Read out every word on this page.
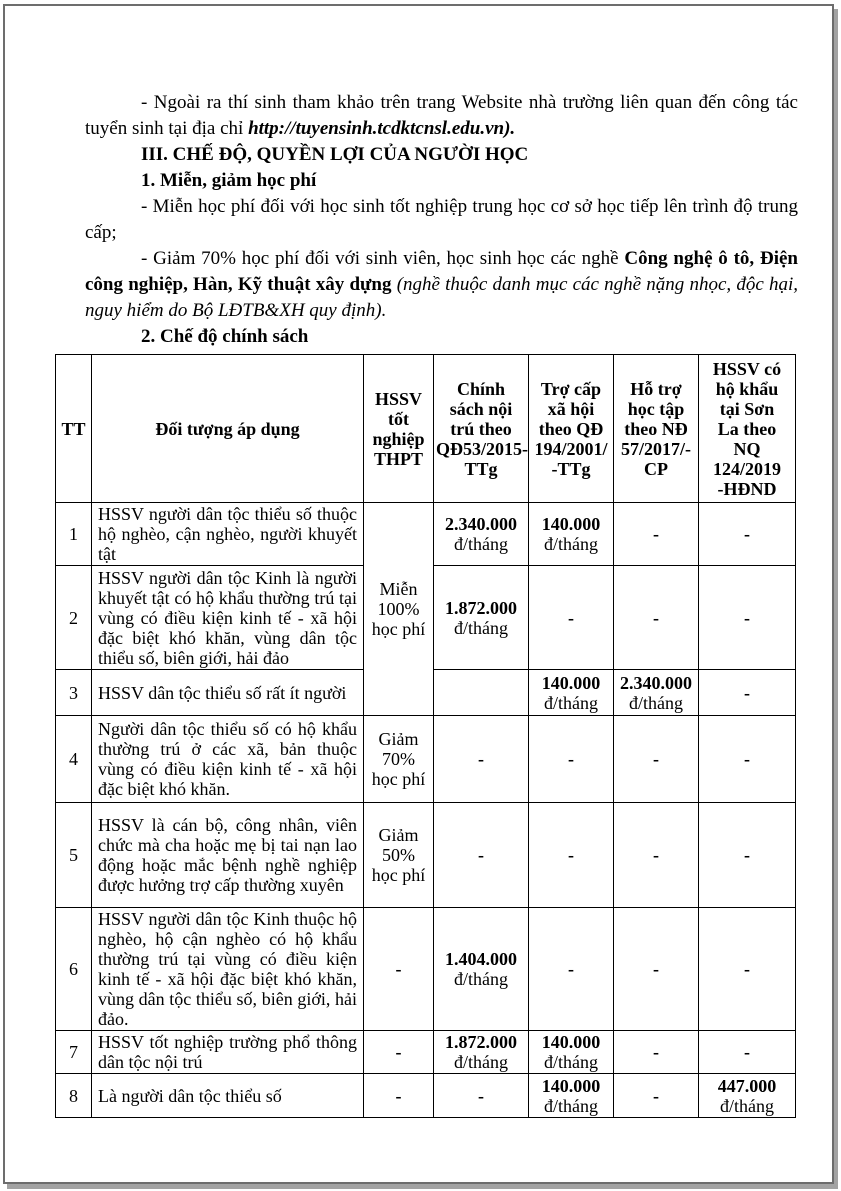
- Ngoài ra thí sinh tham khảo trên trang Website nhà trường liên quan đến công tác tuyển sinh tại địa chỉ http://tuyensinh.tcdktcnsl.edu.vn).

III. CHẾ ĐỘ, QUYỀN LỢI CỦA NGƯỜI HỌC

1. Miễn, giảm học phí

- Miễn học phí đối với học sinh tốt nghiệp trung học cơ sở học tiếp lên trình độ trung cấp;

- Giảm 70% học phí đối với sinh viên, học sinh học các nghề Công nghệ ô tô, Điện công nghiệp, Hàn, Kỹ thuật xây dựng (nghề thuộc danh mục các nghề nặng nhọc, độc hại, nguy hiểm do Bộ LĐTB&XH quy định).

2. Chế độ chính sách

TT	Đối tượng áp dụng	HSSV
tốt
nghiệp
THPT	Chính
sách nội
trú theo
QĐ53/2015-
TTg	Trợ cấp
xã hội
theo QĐ
194/2001/
-TTg	Hỗ trợ
học tập
theo NĐ
57/2017/-
CP	HSSV có
hộ khẩu
tại Sơn
La theo
NQ
124/2019
-HĐND
1	HSSV người dân tộc thiểu số thuộc hộ nghèo, cận nghèo, người khuyết tật	Miễn
100%
học phí	2.340.000
đ/tháng	140.000
đ/tháng	-	-

2	HSSV người dân tộc Kinh là người khuyết tật có hộ khẩu thường trú tại vùng có điều kiện kinh tế - xã hội đặc biệt khó khăn, vùng dân tộc thiểu số, biên giới, hải đảo		1.872.000
đ/tháng	-	-	-

3	HSSV dân tộc thiểu số rất ít người			140.000
đ/tháng	2.340.000
đ/tháng	-

4	Người dân tộc thiểu số có hộ khẩu thường trú ở các xã, bản thuộc vùng có điều kiện kinh tế - xã hội đặc biệt khó khăn.	Giảm
70%
học phí	-	-	-	-

5	HSSV là cán bộ, công nhân, viên chức mà cha hoặc mẹ bị tai nạn lao động hoặc mắc bệnh nghề nghiệp được hưởng trợ cấp thường xuyên	Giảm
50%
học phí	-	-	-	-

6	HSSV người dân tộc Kinh thuộc hộ nghèo, hộ cận nghèo có hộ khẩu thường trú tại vùng có điều kiện kinh tế - xã hội đặc biệt khó khăn, vùng dân tộc thiểu số, biên giới, hải đảo.	-	1.404.000
đ/tháng	-	-	-

7	HSSV tốt nghiệp trường phổ thông dân tộc nội trú	-	1.872.000
đ/tháng	140.000
đ/tháng	-	-

8	Là người dân tộc thiểu số	-	-	140.000
đ/tháng	-	447.000
đ/tháng
